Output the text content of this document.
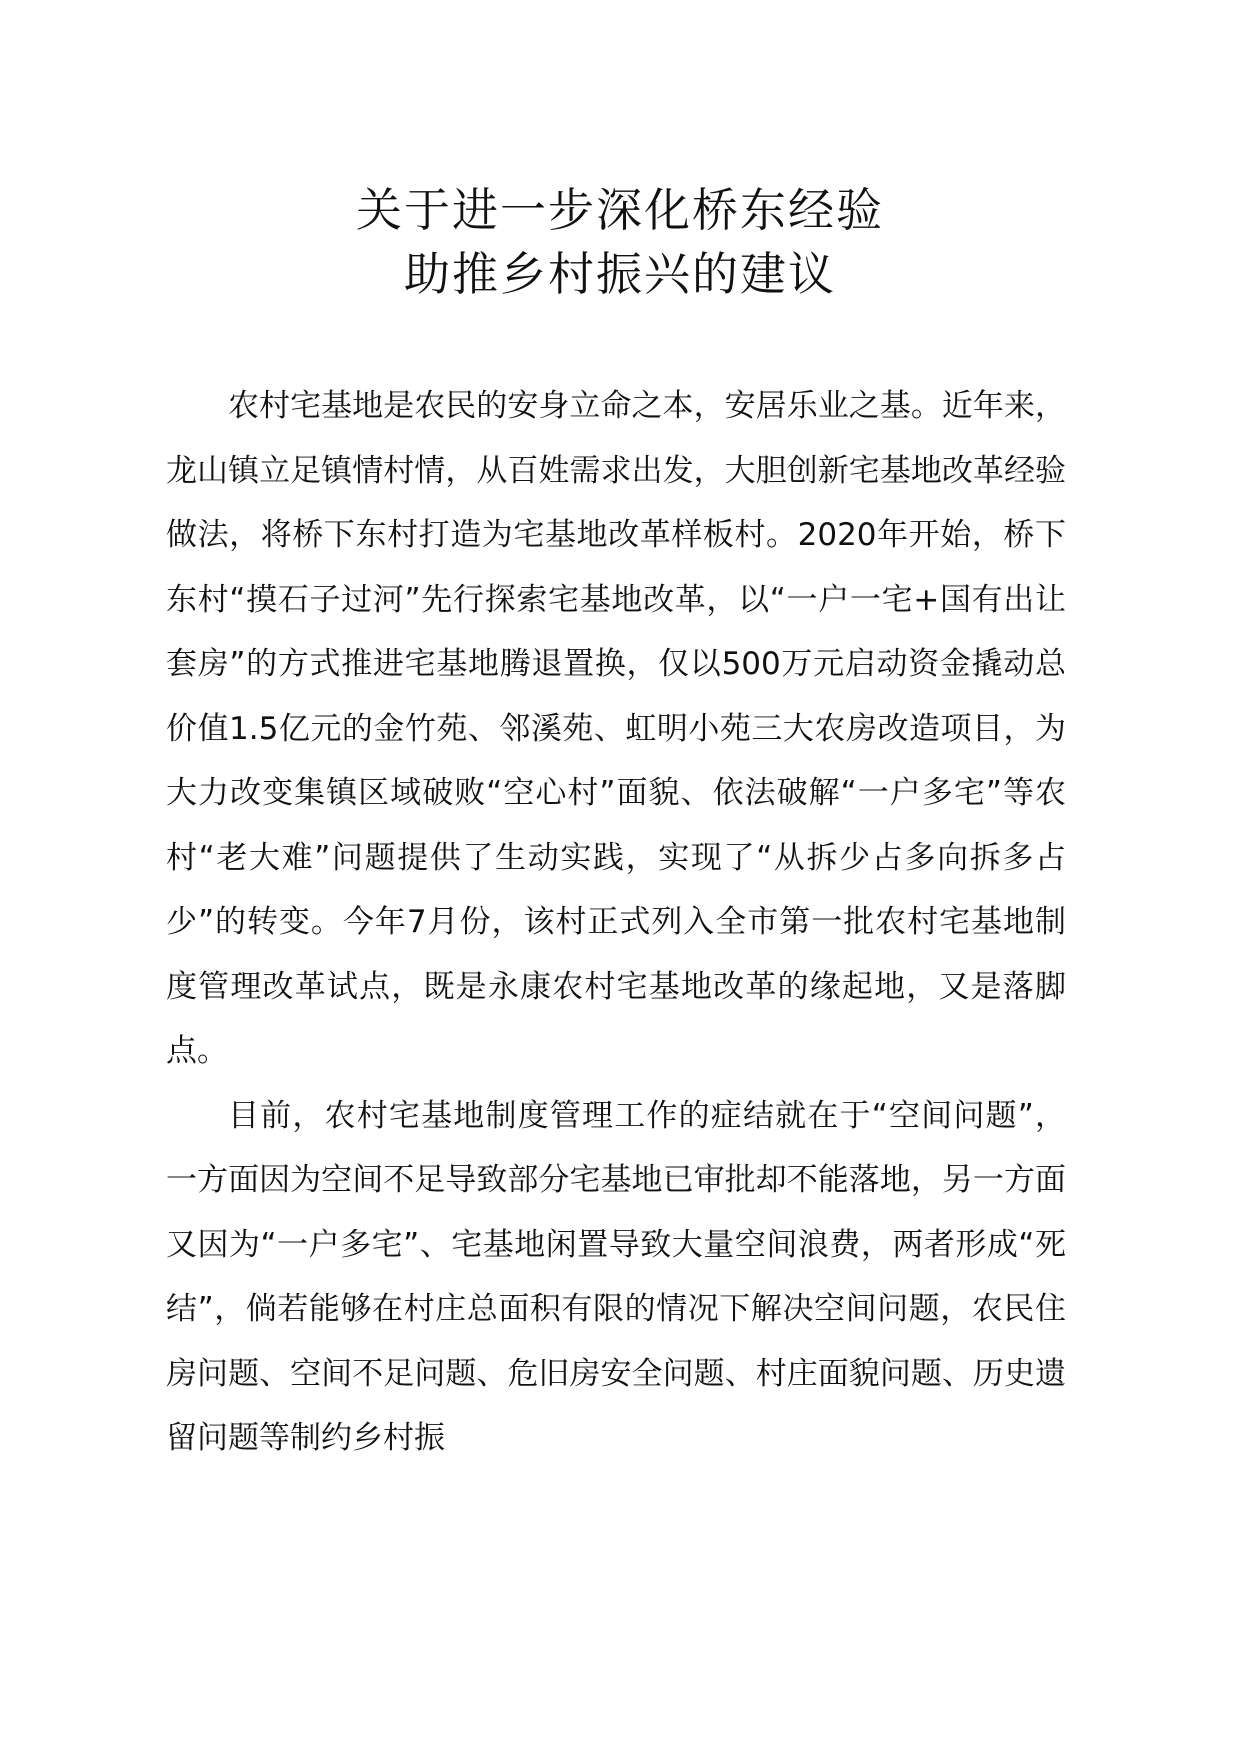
关于进一步深化桥东经验
助推乡村振兴的建议

农村宅基地是农民的安身立命之本，安居乐业之基。近年来，龙山镇立足镇情村情，从百姓需求出发，大胆创新宅基地改革经验做法，将桥下东村打造为宅基地改革样板村。2020年开始，桥下东村“摸石子过河”先行探索宅基地改革，以“一户一宅+国有出让套房”的方式推进宅基地腾退置换，仅以500万元启动资金撬动总价值1.5亿元的金竹苑、邻溪苑、虹明小苑三大农房改造项目，为大力改变集镇区域破败“空心村”面貌、依法破解“一户多宅”等农村“老大难”问题提供了生动实践，实现了“从拆少占多向拆多占少”的转变。今年7月份，该村正式列入全市第一批农村宅基地制度管理改革试点，既是永康农村宅基地改革的缘起地，又是落脚点。

目前，农村宅基地制度管理工作的症结就在于“空间问题”，一方面因为空间不足导致部分宅基地已审批却不能落地，另一方面又因为“一户多宅”、宅基地闲置导致大量空间浪费，两者形成“死结”，倘若能够在村庄总面积有限的情况下解决空间问题，农民住房问题、空间不足问题、危旧房安全问题、村庄面貌问题、历史遗留问题等制约乡村振
